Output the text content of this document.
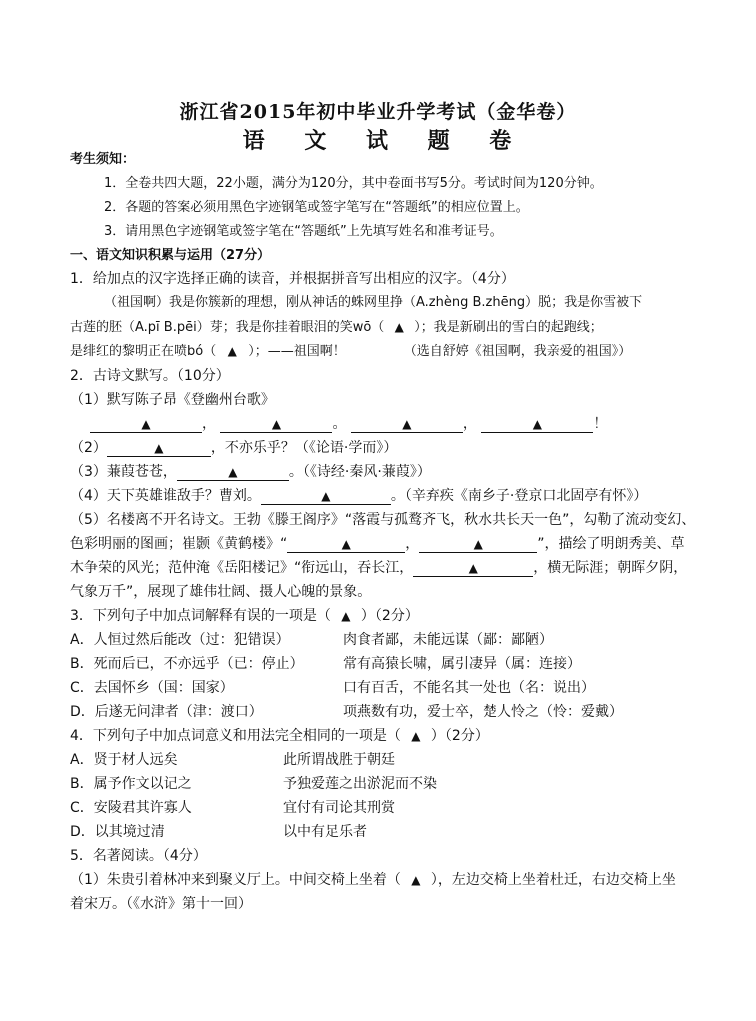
浙江省2015年初中毕业升学考试（金华卷）
语 文 试 题 卷
考生须知：
1．全卷共四大题，22小题，满分为120分，其中卷面书写5分。考试时间为120分钟。
2．各题的答案必须用黑色字迹钢笔或签字笔写在“答题纸”的相应位置上。
3．请用黑色字迹钢笔或签字笔在“答题纸”上先填写姓名和准考证号。
一、语文知识积累与运用（27分）
1．给加点的汉字选择正确的读音，并根据拼音写出相应的汉字。（4分）
（祖国啊）我是你簇新的理想，刚从神话的蛛网里挣（A.zhèng B.zhēng）脱；我是你雪被下
古莲的胚（A.pī B.pēi）芽；我是你挂着眼泪的笑wō（ ▲ ）；我是新刷出的雪白的起跑线；
是绯红的黎明正在喷bó（ ▲ ）；——祖国啊！	（选自舒婷《祖国啊，我亲爱的祖国》）
2．古诗文默写。（10分）
（1）默写陈子昂《登幽州台歌》
▲	，	▲	。	▲	，	▲	！
（2）	▲	，不亦乐乎？（《论语·学而》）
（3）蒹葭苍苍，	▲	。（《诗经·秦风·蒹葭》）
（4）天下英雄谁敌手？曹刘。	▲	。（辛弃疾《南乡子·登京口北固亭有怀》）
（5）名楼离不开名诗文。王勃《滕王阁序》“落霞与孤鹜齐飞，秋水共长天一色”，勾勒了流动变幻、
色彩明丽的图画；崔颢《黄鹤楼》“	▲	，	▲	”，描绘了明朗秀美、草
木争荣的风光；范仲淹《岳阳楼记》“衔远山，吞长江，	▲	，横无际涯；朝晖夕阴，
气象万千”，展现了雄伟壮阔、摄人心魄的景象。
3．下列句子中加点词解释有误的一项是（ ▲ ）（2分）
A．人恒过然后能改（过：犯错误）	肉食者鄙，未能远谋（鄙：鄙陋）
B．死而后已，不亦远乎（已：停止）	常有高猿长啸，属引凄异（属：连接）
C．去国怀乡（国：国家）	口有百舌，不能名其一处也（名：说出）
D．后遂无问津者（津：渡口）	项燕数有功，爱士卒，楚人怜之（怜：爱戴）
4．下列句子中加点词意义和用法完全相同的一项是（ ▲ ）（2分）
A．贤于材人远矣	此所谓战胜于朝廷
B．属予作文以记之	予独爱莲之出淤泥而不染
C．安陵君其许寡人	宜付有司论其刑赏
D．以其境过清	以中有足乐者
5．名著阅读。（4分）
（1）朱贵引着林冲来到聚义厅上。中间交椅上坐着（ ▲ ），左边交椅上坐着杜迁，右边交椅上坐
着宋万。（《水浒》第十一回）
